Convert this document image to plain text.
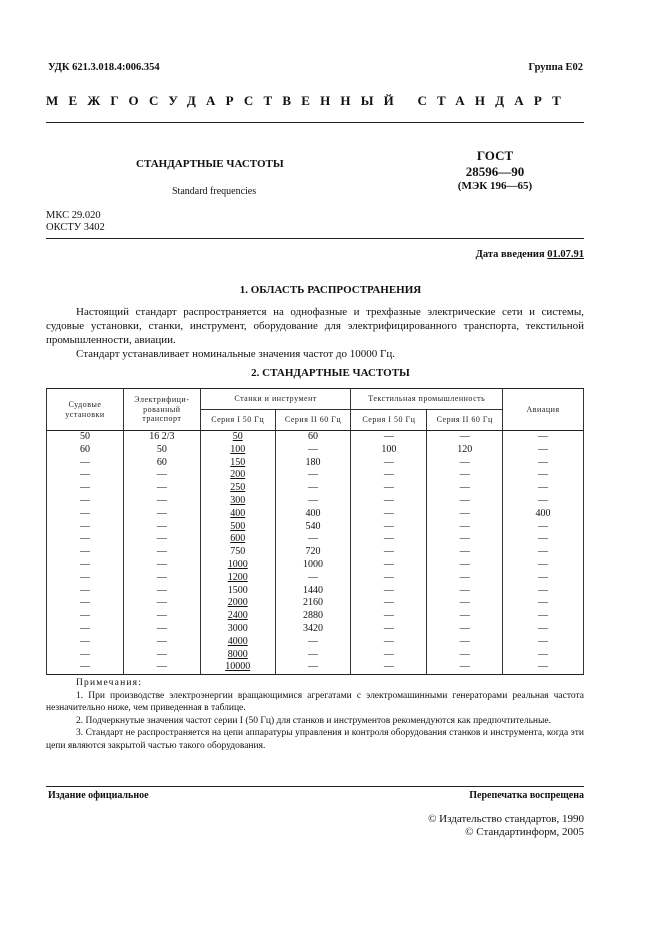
УДК 621.3.018.4:006.354	Группа Е02
МЕЖГОСУДАРСТВЕННЫЙ СТАНДАРТ
СТАНДАРТНЫЕ ЧАСТОТЫ
Standard frequencies
ГОСТ
28596—90
(МЭК 196—65)
МКС 29.020
ОКСТУ 3402
Дата введения 01.07.91
1. ОБЛАСТЬ РАСПРОСТРАНЕНИЯ

Настоящий стандарт распространяется на однофазные и трехфазные электрические сети и системы, судовые установки, станки, инструмент, оборудование для электрифицированного транспорта, текстильной промышленности, авиации.

Стандарт устанавливает номинальные значения частот до 10000 Гц.

2. СТАНДАРТНЫЕ ЧАСТОТЫ
Судовые установки	Электрифици-рованный транспорт	Станки и инструмент		Текстильная промышленность		Авиация
		Серия I 50 Гц	Серия II 60 Гц	Серия I 50 Гц	Серия II 60 Гц	
50	16 2/3	50	60	—	—	—
60	50	100	—	100	120	—
—	60	150	180	—	—	—
—	—	200	—	—	—	—
—	—	250	—	—	—	—
—	—	300	—	—	—	—
—	—	400	400	—	—	400
—	—	500	540	—	—	—
—	—	600	—	—	—	—
—	—	750	720	—	—	—
—	—	1000	1000	—	—	—
—	—	1200	—	—	—	—
—	—	1500	1440	—	—	—
—	—	2000	2160	—	—	—
—	—	2400	2880	—	—	—
—	—	3000	3420	—	—	—
—	—	4000	—	—	—	—
—	—	8000	—	—	—	—
—	—	10000	—	—	—	—

Примечания:

1. При производстве электроэнергии вращающимися агрегатами с электромашинными генераторами реальная частота незначительно ниже, чем приведенная в таблице.

2. Подчеркнутые значения частот серии I (50 Гц) для станков и инструментов рекомендуются как предпочтительные.

3. Стандарт не распространяется на цепи аппаратуры управления и контроля оборудования станков и инструмента, когда эти цепи являются закрытой частью такого оборудования.

Издание официальное	Перепечатка воспрещена
© Издательство стандартов, 1990
© Стандартинформ, 2005
